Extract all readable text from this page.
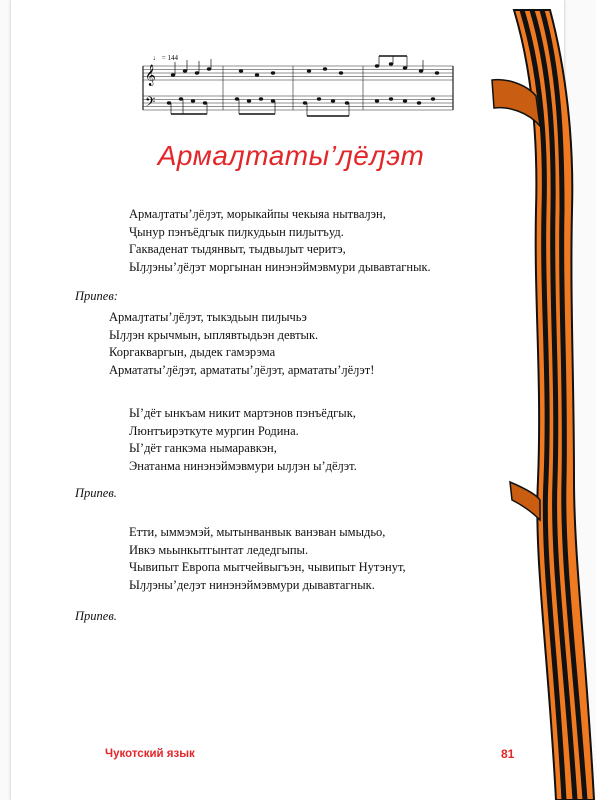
♩ = 144
𝄞
𝄢
Армаԓтаты’ԓёԓэт
Армаԓтаты’ԓёԓэт, морыкайпы чекыяа нытваԓэн,
Ҷынур пэнъёдгык пиԓкудьын пиԓытъуд.
Гакваденат тыдянвыт, тыдвыԓыт черитэ,
Ыԓԓэны’ԓёԓэт моргынан нинэнэймэвмури дывавтагнык.
Припев:
Армаԓтаты’ԓёԓэт, тыкэдьын пиԓычьэ
Ыԓԓэн крычмын, ыплявтыдьэн девтык.
Коргакваргын, дыдек гамэрэма
Армататы’ԓёԓэт, армататы’ԓёԓэт, армататы’ԓёԓэт!
Ы’дёт ынкъам никит мартэнов пэнъёдгык,
Люнтъирэткуте мургин Родина.
Ы’дёт ганкэма нымаравкэн,
Энатанма нинэнэймэвмури ыԓԓэн ы’дёԓэт.
Припев.
Етти, ыммэмэй, мытынванвык ванэван ымыдьо,
Ивкэ мьынкытгынтат ледедгыпы.
Чывипыт Европа мытчейвыгъэн, чывипыт Нутэнут,
Ыԓԓэны’деԓэт нинэнэймэвмури дывавтагнык.
Припев.
Чукотский язык	81
